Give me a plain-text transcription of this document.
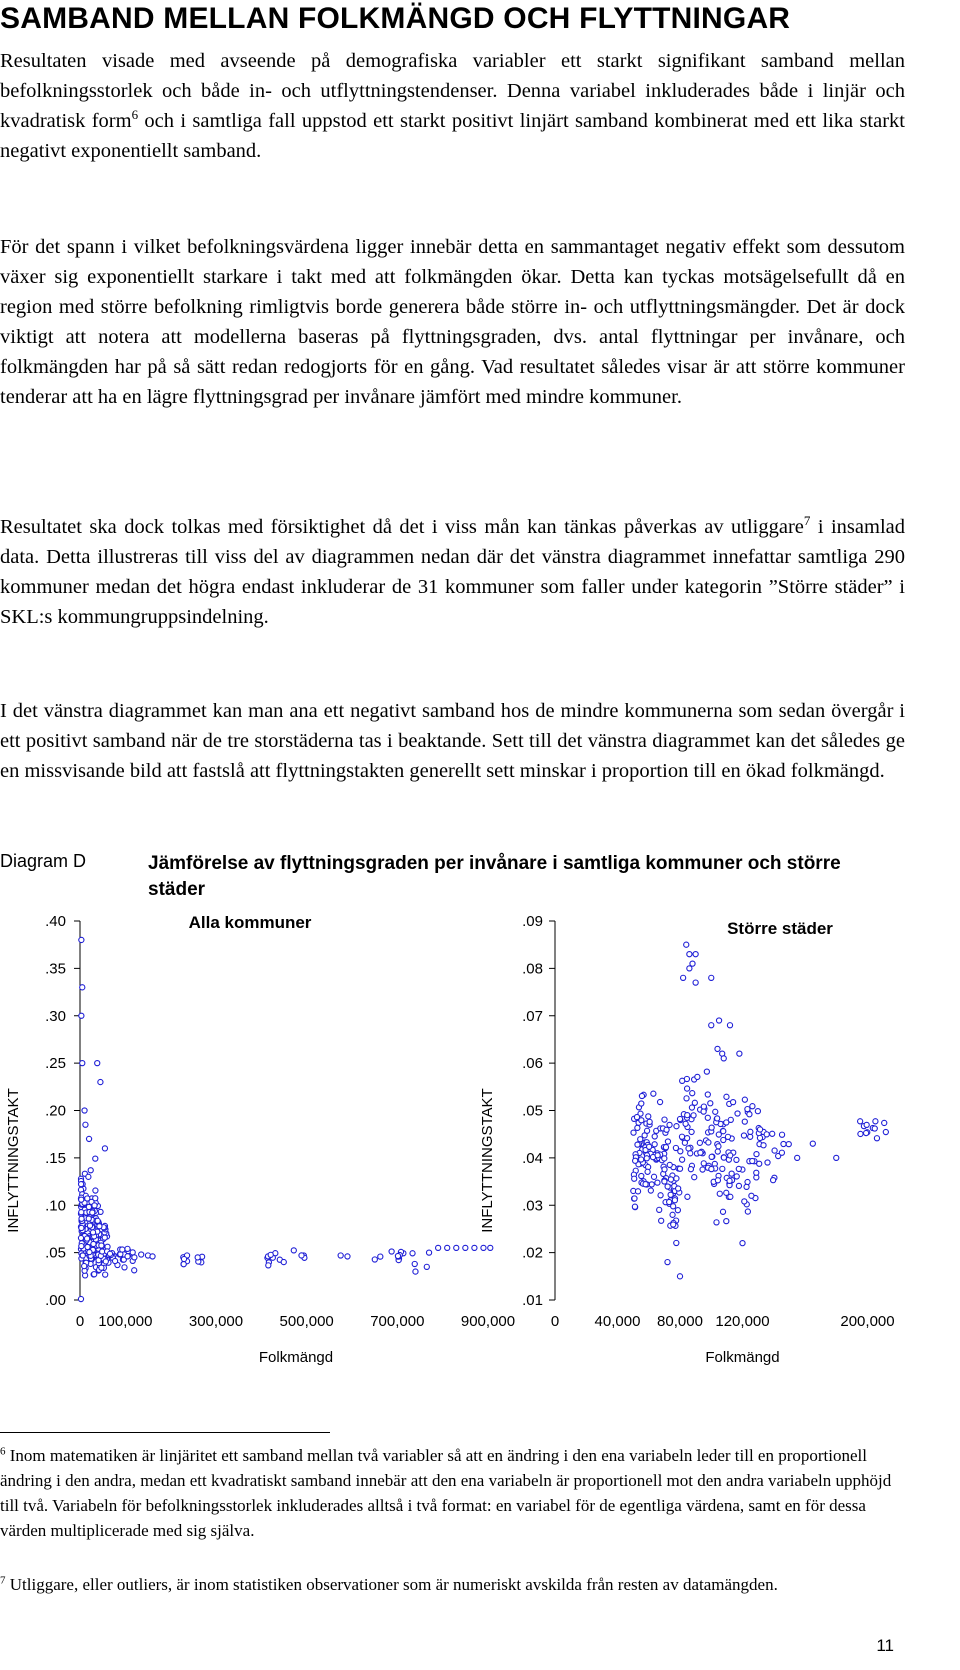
SAMBAND MELLAN FOLKMÄNGD OCH FLYTTNINGAR

Resultaten visade med avseende på demografiska variabler ett starkt signifikant samband mellan befolkningsstorlek och både in- och utflyttningstendenser. Denna variabel inkluderades både i linjär och kvadratisk form$^6$ och i samtliga fall uppstod ett starkt positivt linjärt samband kombinerat med ett lika starkt negativt exponentiellt samband.

För det spann i vilket befolkningsvärdena ligger innebär detta en sammantaget negativ effekt som dessutom växer sig exponentiellt starkare i takt med att folkmängden ökar. Detta kan tyckas motsägelsefullt då en region med större befolkning rimligtvis borde generera både större in- och utflyttningsmängder. Det är dock viktigt att notera att modellerna baseras på flyttningsgraden, dvs. antal flyttningar per invånare, och folkmängden har på så sätt redan redogjorts för en gång. Vad resultatet således visar är att större kommuner tenderar att ha en lägre flyttningsgrad per invånare jämfört med mindre kommuner.

Resultatet ska dock tolkas med försiktighet då det i viss mån kan tänkas påverkas av utliggare$^7$ i insamlad data. Detta illustreras till viss del av diagrammen nedan där det vänstra diagrammet innefattar samtliga 290 kommuner medan det högra endast inkluderar de 31 kommuner som faller under kategorin ”Större städer” i SKL:s kommungruppsindelning.

I det vänstra diagrammet kan man ana ett negativt samband hos de mindre kommunerna som sedan övergår i ett positivt samband när de tre storstäderna tas i beaktande. Sett till det vänstra diagrammet kan det således ge en missvisande bild att fastslå att flyttningstakten generellt sett minskar i proportion till en ökad folkmängd.

Diagram D	Jämförelse av flyttningsgraden per invånare i samtliga kommuner och större städer
.00
.05
.10
.15
.20
.25
.30
.35
.40
0 100,000 300,000 500,000 700,000 900,000
Alla kommuner
Folkmängd
INFLYTTNINGSTAKT
.01
.02
.03
.04
.05
.06
.07
.08
.09
0 40,000 80,000 120,000	200,000
Större städer
Folkmängd
INFLYTTNINGSTAKT

$^6$ Inom matematiken är linjäritet ett samband mellan två variabler så att en ändring i den ena variabeln leder till en proportionell ändring i den andra, medan ett kvadratiskt samband innebär att den ena variabeln är proportionell mot den andra variabeln upphöjd till två. Variabeln för befolkningsstorlek inkluderades alltså i två format: en variabel för de egentliga värdena, samt en för dessa värden multiplicerade med sig själva.

$^7$ Utliggare, eller outliers, är inom statistiken observationer som är numeriskt avskilda från resten av datamängden.

11
